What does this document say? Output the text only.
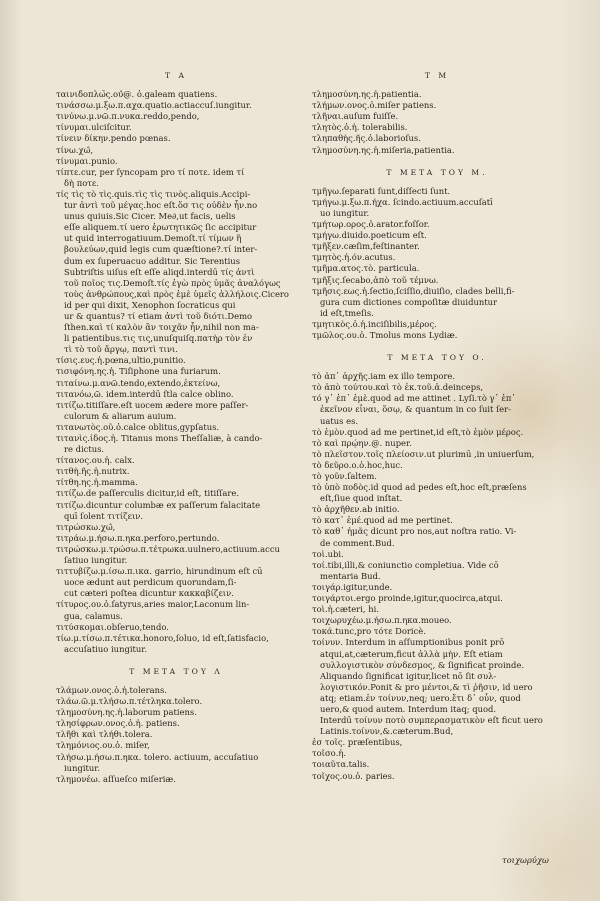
T A
ταινιδ̄οπλω̄ς.ου̂@. ὁ.galeam quatiens.
τινάσσω.μ.ξω.π.αχα.quatio.actiaccuſ.iungitur.
τινύνω.μ.νῶ.π.νυκα.reddo,pendo,
τίνυμαι.ulciſcitur.
τίνειν δίκην.pendo pœnas.
τίνω.χω̂,
τίνυμαι.punio.
τίπτε.cur, per ſyncopam pro τί ποτε. idem τί
δὴ ποτε.
* τίς τὶς τὸ τὶς.quis.τὶς τὶς τινὸς.aliquis.Accipi-
tur ἀντὶ τοῦ μέγας.hoc eſt.ὅσ τις οὐδὲν ἦν.no
unus quiuis.Sic Cicer. Me∂,ut facis, uelis
eſſe aliquem.τί uero ἐρωτητικῶς ſic accipitur
ut quid interrogatiuum.Demoſt.τί τίμων ἢ
βουλεύων,quid legis cum quæſtione?.τί inter-
dum ex ſuperuacuo additur. Sic Terentius
Subtriſtis uiſus eſt eſſe aliqd.interdū τίς ἀντὶ
τοῦ ποῖος τις.Demoſt.τίς ἐγὼ πρὸς ὑμᾶς ἀναλόγως
τοὺς ἀνθρώπους,καὶ πρὸς ἐμὲ ὑμεῖς ἀλλήλοις.Cicero
id per qui dixit, Xenophon ſocraticus qui
ur & quantus? τί etiam ἀντὶ τοῦ διότι.Demo
ſthen.καὶ τί καλὸν ἂν τοιχᾶν ἦν,nihil non ma-
li patientibus.τις τις,unuſquiſq.πατὴρ τὸν ἐν
τὶ τὸ τοῦ ἄργῳ, παντὶ τινι.
τίσις.ευς.ἡ.pœna,ultio,punitio.
τισιφόνη.ης.ἡ. Tiſiphone una furiarum.
τιταίνω.μ.ανῶ.tendo,extendo,ἐκτείνω,
τιτανόω,ῶ. idem.interdū ſtla calce oblino.
τιτίζω.titiſſare.eſt uocem ædere more paſſer-
culorum & aliarum auium.
τιτανωτὸς.οῦ.ὁ.calce oblitus,gypſatus.
τιτανὶς.ίδος.ἡ. Titanus mons Theſſaliæ, à cando-
re dictus.
τίτανος.ου.ἡ. calx.
τιτθὴ.ῆς.ἡ.nutrix.
τίτθη.ης.ἡ.mamma.
* τιτίζω.de paſſerculis dicitur,id eſt, titiſſare.
* τιτίζω.dicuntur columbæ ex paſſerum falacitate
quī ſolent τιτίζειν.
* τιτρώσκω.χω̂,
τιτράω.μ.ήσω.π.ηκα.perforo,pertundo.
τιτρώσκω.μ.τρώσω.π.τέτρωκα.uulnero,actiuum.accu
ſatiuo iungitur.
τιττυβίζω.μ.ίσω.π.ικα. garrio, hirundinum eſt cū
* uoce ædunt aut perdicum quorundam,ſi-
cut cæteri poſtea dicuntur κακκαβίζειν.
τίτυρος.ου.ὁ.ſatyrus,aries maior,Laconum lin-
gua, calamus.
τιτύσκομαι.obſeruo,tendo.
τίω.μ.τίσω.π.τέτικα.honoro,ſoluo, id eſt,ſatisfacio,
accuſatiuo iungitur.
T META TOY Λ
τλάμων.ονος.ὁ.ἡ.tolerans.
τλάω.ῶ.μ.τλήσω.π.τέτληκα.tolero.
τλημοσύνη.ης.ἡ.laborum patiens.
τλησίφρων.ονος.ὁ.ἡ. patiens.
τλῆθι καὶ τλήθι.tolera.
τλημόνιος.ου.ὁ. miſer,
τλήσω.μ.ήσω.π.ηκα. tolero. actiuum, accuſatiuo
iungitur.
τλημονέω. aſſueſco miſeriæ.
T M
τλημοσύνη.ης.ἡ.patientia.
τλήμων.ονος.ὁ.miſer patiens.
* τλῆναι.auſum fuiſſe.
τλητὸς.ὁ.ἡ. tolerabilis.
τληπαθὴς.ῆς.ὁ.laborioſus.
τλημοσύνη.ης.ἡ.miſeria,patientia.
T META TOY M.
τμῆγω.ſeparati ſunt,diſſecti ſunt.
τμήγω.μ.ξω.π.ήχα. ſcindo.actiuum.accuſatī
uo iungitur.
τμήτωρ.ορος.ὁ.arator.foſſor.
* τμήγω.diuido.poeticum eſt.
τμῆξεν.cæſim,feſtinanter.
τμητὸς.ἡ.όν.acutus.
τμῆμα.ατος.τὸ. particula.
τμῆξις.ſecabo,ἀπὸ τοῦ τέμνω.
τμῆσις.εως.ἡ.ſectio,ſciſſio,diuiſio, clades belli,fi-
* gura cum dictiones compoſitæ diuiduntur
id eſt,tmeſis.
τμητικὸς.ὁ.ἡ.inciſibilis,μέρος.
τμῶλος.ου.ὁ. Tmolus mons Lydiæ.
T META TOY O.
τὸ ἀπ᾿ ἀρχῆς.iam ex illo tempore.
τὸ ἀπὸ τούτου.καὶ τὸ ἐκ.τοῦ.ἀ.deinceps,
τό γ᾿ ἐπ᾿ ἐμὲ.quod ad me attinet . Lyſi.τὸ γ᾿ ἐπ᾿
ἐκεῖνον εἶναι, ὅσῳ, & quantum in co ſuit ſer-
uatus es.
* τὸ ἐμὸν.quod ad me pertinet,id eſt,τὸ ἐμὸν μέρος.
τὸ καὶ πρῴην.@. nuper.
τὸ πλεῖστον.τοῖς πλείοσιν.ut plurimū ,in uniuerſum,
τὸ δεῦρο.ο.ὁ.hoc,huc.
τὸ γοῦν.ſaltem.
τὸ ὑπὸ ποδὸς.id quod ad pedes eſt,hoc eſt,præſens
eſt,ſiue quod inſtat.
* τὸ ἀρχῆθεν.ab initio.
* τὸ κατ᾿ ἐμέ.quod ad me pertinet.
* τὸ καθ᾿ ἡμᾶς dicunt pro nos,aut noſtra ratio. Vi-
de comment.Bud.
τοὶ.ubi.
τοί.tibi,illi,& coniunctio completiua. Vide cō
mentaria Bud.
τοιγάρ.igitur,unde.
τοιγάρτοι.ergo proinde,igitur,quocirca,atqui.
τοὶ.ἡ.cæteri, hi.
τοιχωρυχέω.μ.ήσω.π.ηκα.moueo.
τοκά.tunc,pro τότε Doricè.
τοίνυν. Interdum in aſſumptionibus ponit prō
atqui,at,cæterum,ficut ἀλλὰ μὴν. Eſt etiam
συλλογιστικὸν σύνδεσμος, & ſignificat proinde.
Aliquando ſignificat igitur,licet nō ſit συλ-
λογιστικόν.Ponit & pro μέντοι,& τὶ ῥῆσιν, id uero
atq; etiam.ἐν τοίνυν,neq; uero.ἔτι δ᾿ οὖν, quod
uero,& quod autem. Interdum itaq; quod.
Interdū τοίνυν ποτὸ συμπερασματικὸν eſt ficut uero
Latinis.τοίνυν,&.cæterum.Bud,
ἐσ τοῖς. præſentibus,
τοῖσο.ἡ.
τοιαῦτα.talis.
τοῖχος.ου.ὁ. paries.
τοιχωρύχω
